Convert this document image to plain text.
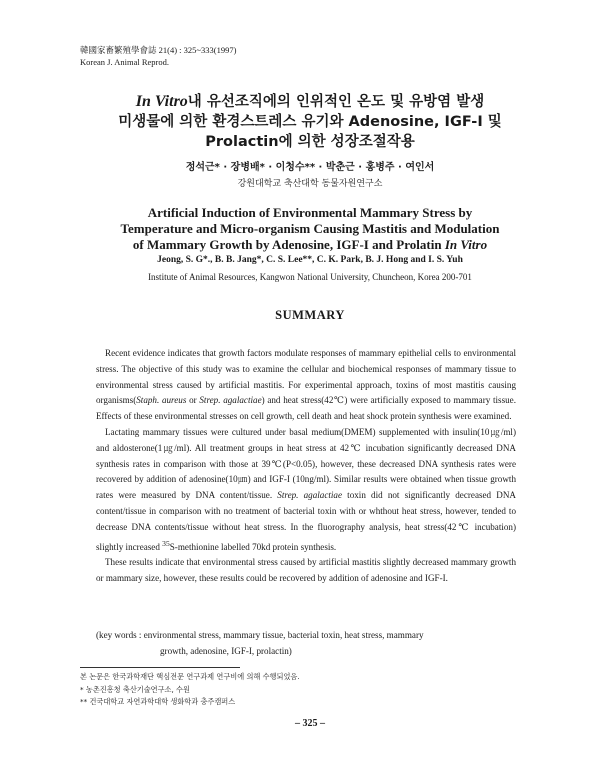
韓國家畜繁殖學會誌 21(4) : 325~333(1997)
Korean J. Animal Reprod.
In Vitro내 유선조직에의 인위적인 온도 및 유방염 발생
미생물에 의한 환경스트레스 유기와 Adenosine, IGF-I 및
Prolactin에 의한 성장조절작용
정석근* · 장병배* · 이청수** · 박춘근 · 홍병주 · 여인서
강원대학교 축산대학 동물자원연구소
Artificial Induction of Environmental Mammary Stress by
Temperature and Micro-organism Causing Mastitis and Modulation
of Mammary Growth by Adenosine, IGF-I and Prolatin In Vitro
Jeong, S. G*., B. B. Jang*, C. S. Lee**, C. K. Park, B. J. Hong and I. S. Yuh
Institute of Animal Resources, Kangwon National University, Chuncheon, Korea 200-701
SUMMARY

Recent evidence indicates that growth factors modulate responses of mammary epithelial cells to environmental stress. The objective of this study was to examine the cellular and biochemical responses of mammary tissue to environmental stress caused by artificial mastitis. For experimental approach, toxins of most mastitis causing organisms(Staph. aureus or Strep. agalactiae) and heat stress(42℃) were artificially exposed to mammary tissue. Effects of these environmental stresses on cell growth, cell death and heat shock protein synthesis were examined.

Lactating mammary tissues were cultured under basal medium(DMEM) supplemented with insulin(10㎍/ml) and aldosterone(1㎍/ml). All treatment groups in heat stress at 42℃ incubation significantly decreased DNA synthesis rates in comparison with those at 39℃(P<0.05), however, these decreased DNA synthesis rates were recovered by addition of adenosine(10㎛) and IGF-I (10ng/ml). Similar results were obtained when tissue growth rates were measured by DNA content/tissue. Strep. agalactiae toxin did not significantly decreased DNA content/tissue in comparison with no treatment of bacterial toxin with or whthout heat stress, however, tended to decrease DNA contents/tissue without heat stress. In the fluorography analysis, heat stress(42℃ incubation) slightly increased $^{35}$S-methionine labelled 70kd protein synthesis.

These results indicate that environmental stress caused by artificial mastitis slightly decreased mammary growth or mammary size, however, these results could be recovered by addition of adenosine and IGF-I.

(key words : environmental stress, mammary tissue, bacterial toxin, heat stress, mammary
growth, adenosine, IGF-I, prolactin)
본 논문은 한국과학재단 핵심전문 연구과제 연구비에 의해 수행되었음.
* 농촌진흥청 축산기술연구소, 수원
** 건국대학교 자연과학대학 생화학과 충주캠퍼스
– 325 –
